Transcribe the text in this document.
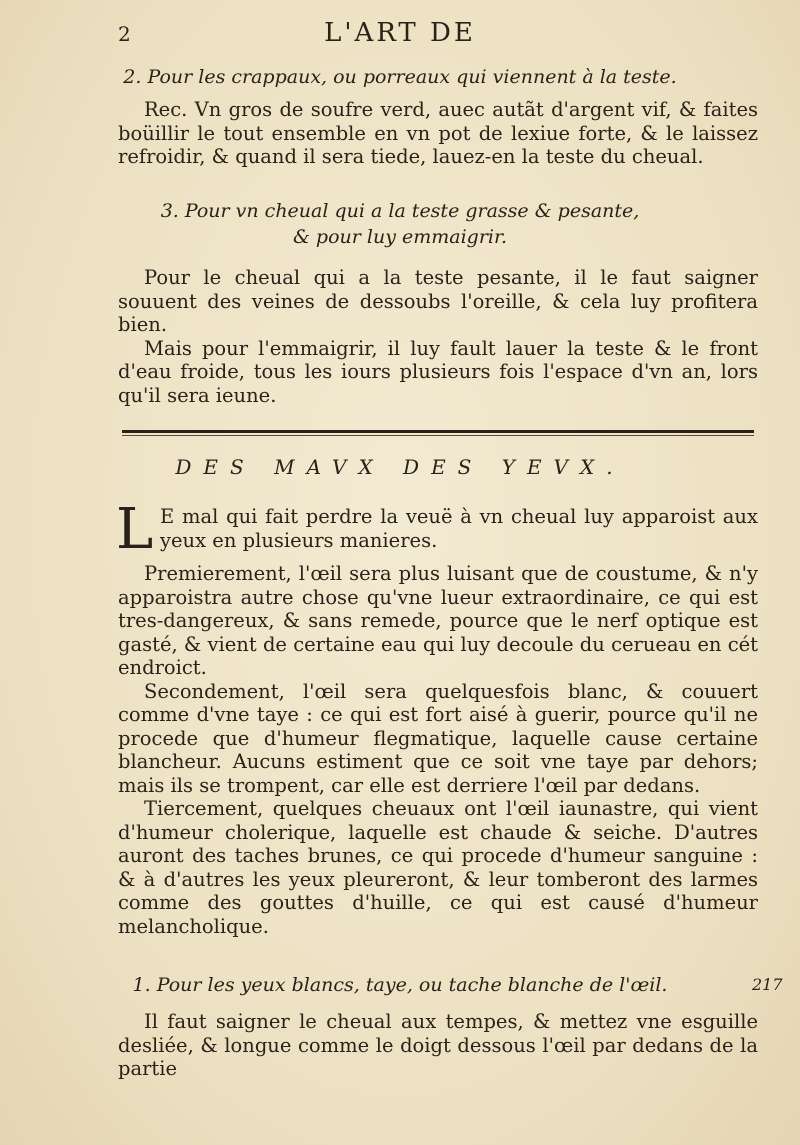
2	L'ART DE
2. Pour les crappaux, ou porreaux qui viennent à la teste.

Rec. Vn gros de soufre verd, auec autãt d'argent vif, & faites boüillir le tout ensemble en vn pot de lexiue forte, & le laissez refroidir, & quand il sera tiede, lauez-en la teste du cheual.

3. Pour vn cheual qui a la teste grasse & pesante,
& pour luy emmaigrir.

Pour le cheual qui a la teste pesante, il le faut saigner souuent des veines de dessoubs l'oreille, & cela luy profitera bien.

Mais pour l'emmaigrir, il luy fault lauer la teste & le front d'eau froide, tous les iours plusieurs fois l'espace d'vn an, lors qu'il sera ieune.

DES MAVX DES YEVX.
L E mal qui fait perdre la veuë à vn cheual luy apparoist aux yeux en plusieurs manieres.

Premierement, l'œil sera plus luisant que de coustume, & n'y apparoistra autre chose qu'vne lueur extraordinaire, ce qui est tres-dangereux, & sans remede, pource que le nerf optique est gasté, & vient de certaine eau qui luy decoule du cerueau en cét endroict.

Secondement, l'œil sera quelquesfois blanc, & couuert comme d'vne taye : ce qui est fort aisé à guerir, pource qu'il ne procede que d'humeur flegmatique, laquelle cause certaine blancheur. Aucuns estiment que ce soit vne taye par dehors; mais ils se trompent, car elle est derriere l'œil par dedans.

Tiercement, quelques cheuaux ont l'œil iaunastre, qui vient d'humeur cholerique, laquelle est chaude & seiche. D'autres auront des taches brunes, ce qui procede d'humeur sanguine : & à d'autres les yeux pleureront, & leur tomberont des larmes comme des gouttes d'huille, ce qui est causé d'humeur melancholique.

1. Pour les yeux blancs, taye, ou tache blanche de l'œil.	217

Il faut saigner le cheual aux tempes, & mettez vne esguille desliée, & longue comme le doigt dessous l'œil par dedans de la partie
